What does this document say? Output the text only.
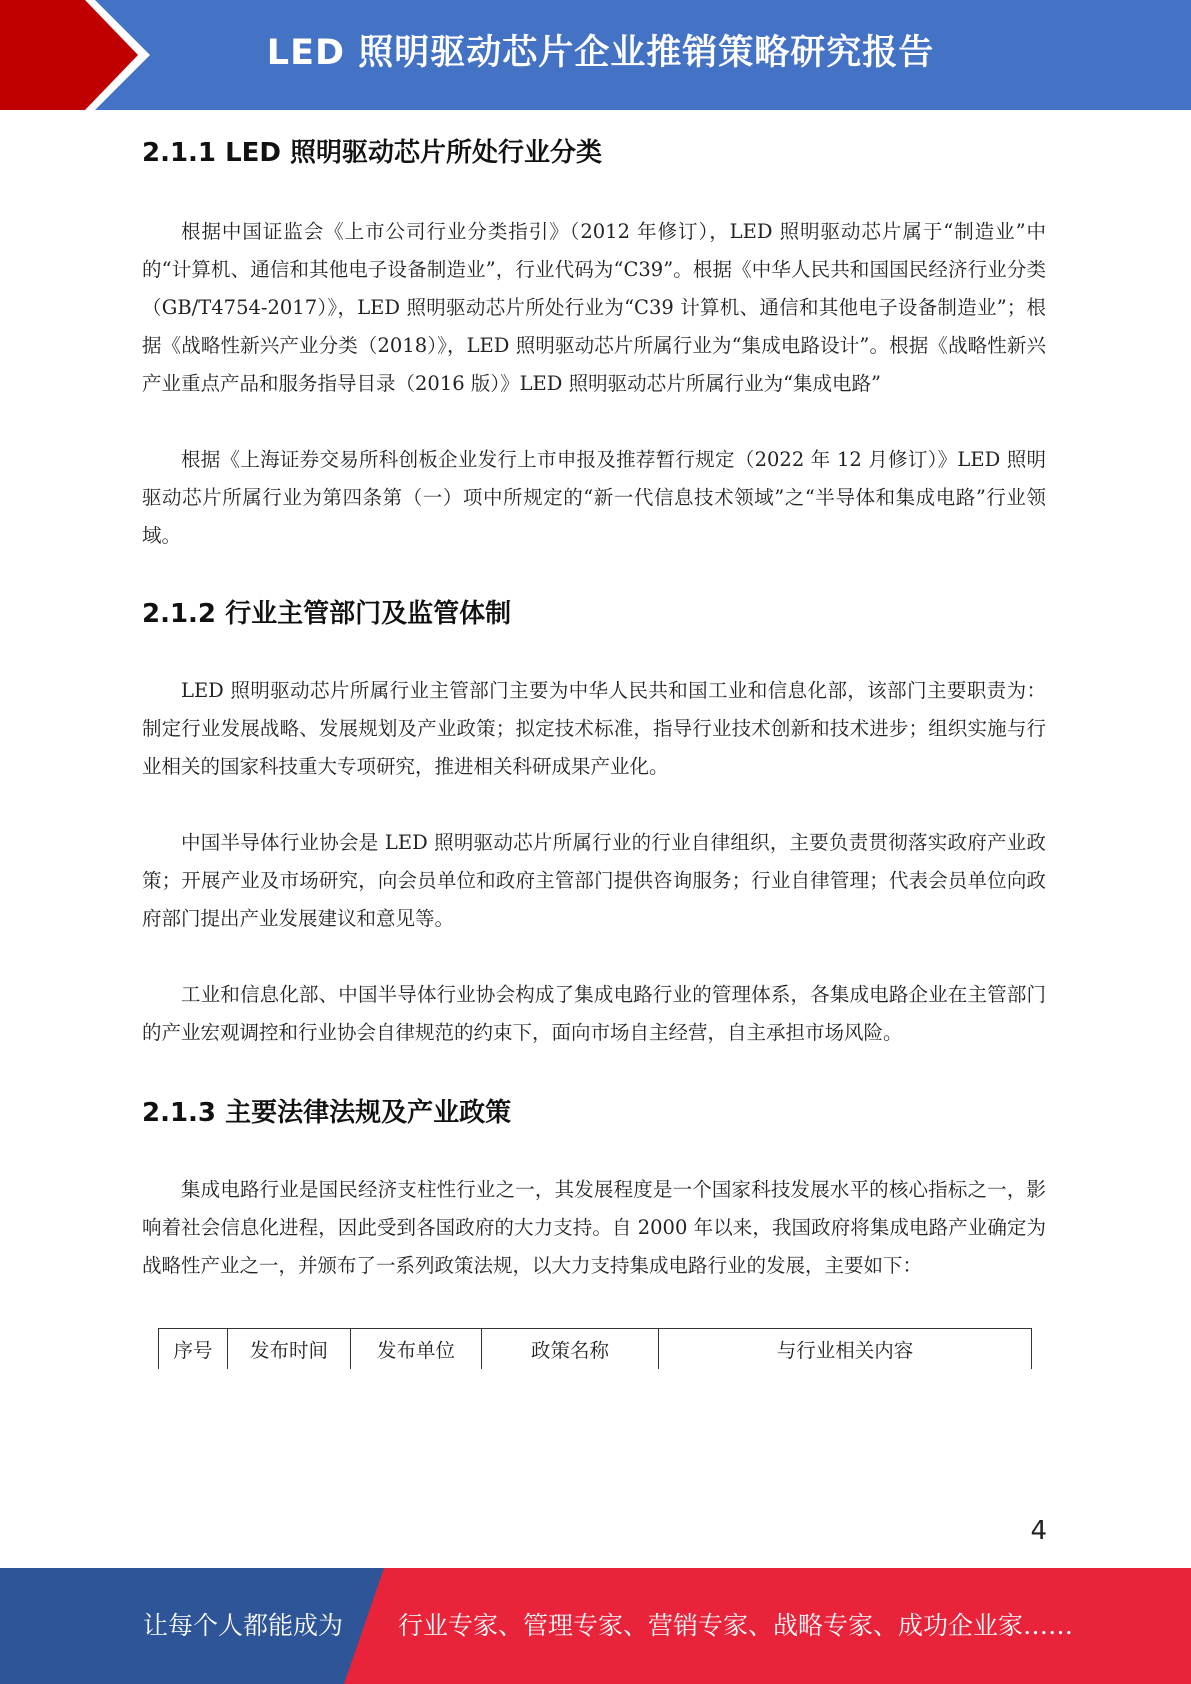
LED 照明驱动芯片企业推销策略研究报告
2.1.1 LED 照明驱动芯片所处行业分类

根据中国证监会《上市公司行业分类指引》（2012 年修订），LED 照明驱动芯片属于“制造业”中的“计算机、通信和其他电子设备制造业”，行业代码为“C39”。根据《中华人民共和国国民经济行业分类（GB/T4754-2017）》，LED 照明驱动芯片所处行业为“C39 计算机、通信和其他电子设备制造业”；根据《战略性新兴产业分类（2018）》，LED 照明驱动芯片所属行业为“集成电路设计”。根据《战略性新兴产业重点产品和服务指导目录（2016 版）》LED 照明驱动芯片所属行业为“集成电路”

根据《上海证券交易所科创板企业发行上市申报及推荐暂行规定（2022 年 12 月修订）》LED 照明驱动芯片所属行业为第四条第（一）项中所规定的“新一代信息技术领域”之“半导体和集成电路”行业领域。

2.1.2 行业主管部门及监管体制

LED 照明驱动芯片所属行业主管部门主要为中华人民共和国工业和信息化部，该部门主要职责为：制定行业发展战略、发展规划及产业政策；拟定技术标准，指导行业技术创新和技术进步；组织实施与行业相关的国家科技重大专项研究，推进相关科研成果产业化。

中国半导体行业协会是 LED 照明驱动芯片所属行业的行业自律组织，主要负责贯彻落实政府产业政策；开展产业及市场研究，向会员单位和政府主管部门提供咨询服务；行业自律管理；代表会员单位向政府部门提出产业发展建议和意见等。

工业和信息化部、中国半导体行业协会构成了集成电路行业的管理体系，各集成电路企业在主管部门的产业宏观调控和行业协会自律规范的约束下，面向市场自主经营，自主承担市场风险。

2.1.3 主要法律法规及产业政策

集成电路行业是国民经济支柱性行业之一，其发展程度是一个国家科技发展水平的核心指标之一，影响着社会信息化进程，因此受到各国政府的大力支持。自 2000 年以来，我国政府将集成电路产业确定为战略性产业之一，并颁布了一系列政策法规，以大力支持集成电路行业的发展，主要如下：

序号	发布时间	发布单位	政策名称	与行业相关内容
4
让每个人都能成为 行业专家、管理专家、营销专家、战略专家、成功企业家……
